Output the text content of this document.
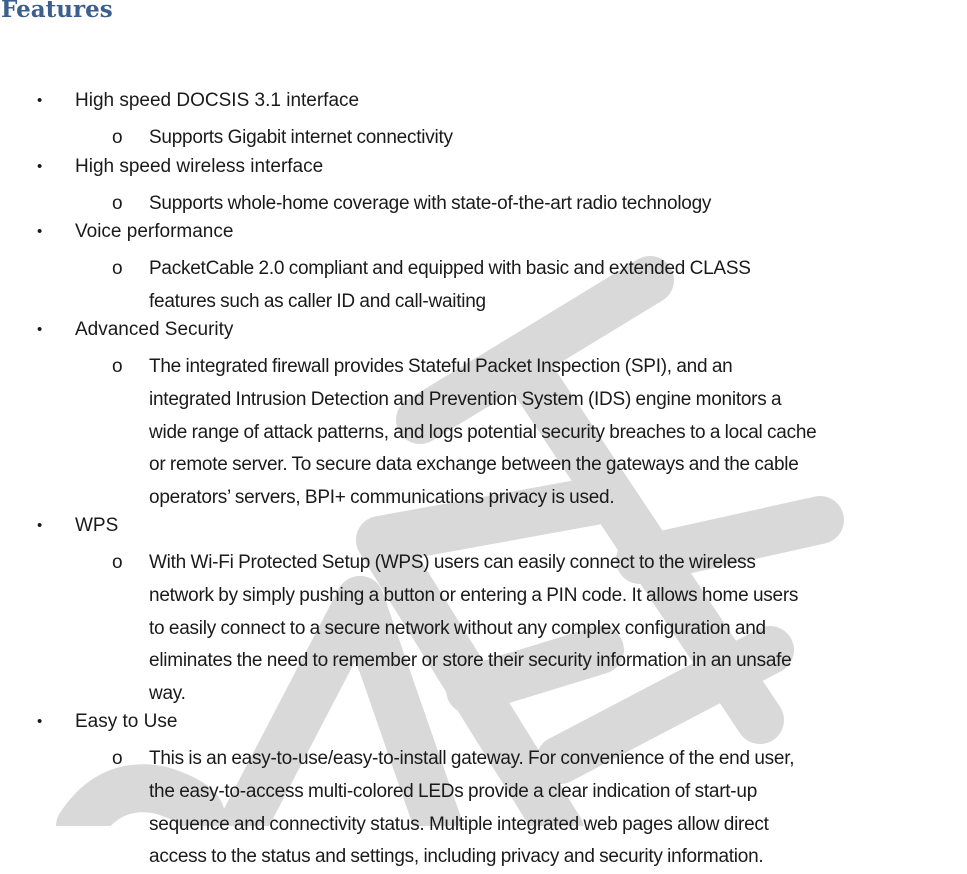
Features
• High speed DOCSIS 3.1 interface
o Supports Gigabit internet connectivity
• High speed wireless interface
o Supports whole-home coverage with state-of-the-art radio technology
• Voice performance
o PacketCable 2.0 compliant and equipped with basic and extended CLASS features such as caller ID and call-waiting
• Advanced Security
o The integrated firewall provides Stateful Packet Inspection (SPI), and an integrated Intrusion Detection and Prevention System (IDS) engine monitors a wide range of attack patterns, and logs potential security breaches to a local cache or remote server. To secure data exchange between the gateways and the cable operators’ servers, BPI+ communications privacy is used.
• WPS
o With Wi-Fi Protected Setup (WPS) users can easily connect to the wireless network by simply pushing a button or entering a PIN code. It allows home users to easily connect to a secure network without any complex configuration and eliminates the need to remember or store their security information in an unsafe way.
• Easy to Use
o This is an easy-to-use/easy-to-install gateway. For convenience of the end user, the easy-to-access multi-colored LEDs provide a clear indication of start-up sequence and connectivity status. Multiple integrated web pages allow direct access to the status and settings, including privacy and security information.
